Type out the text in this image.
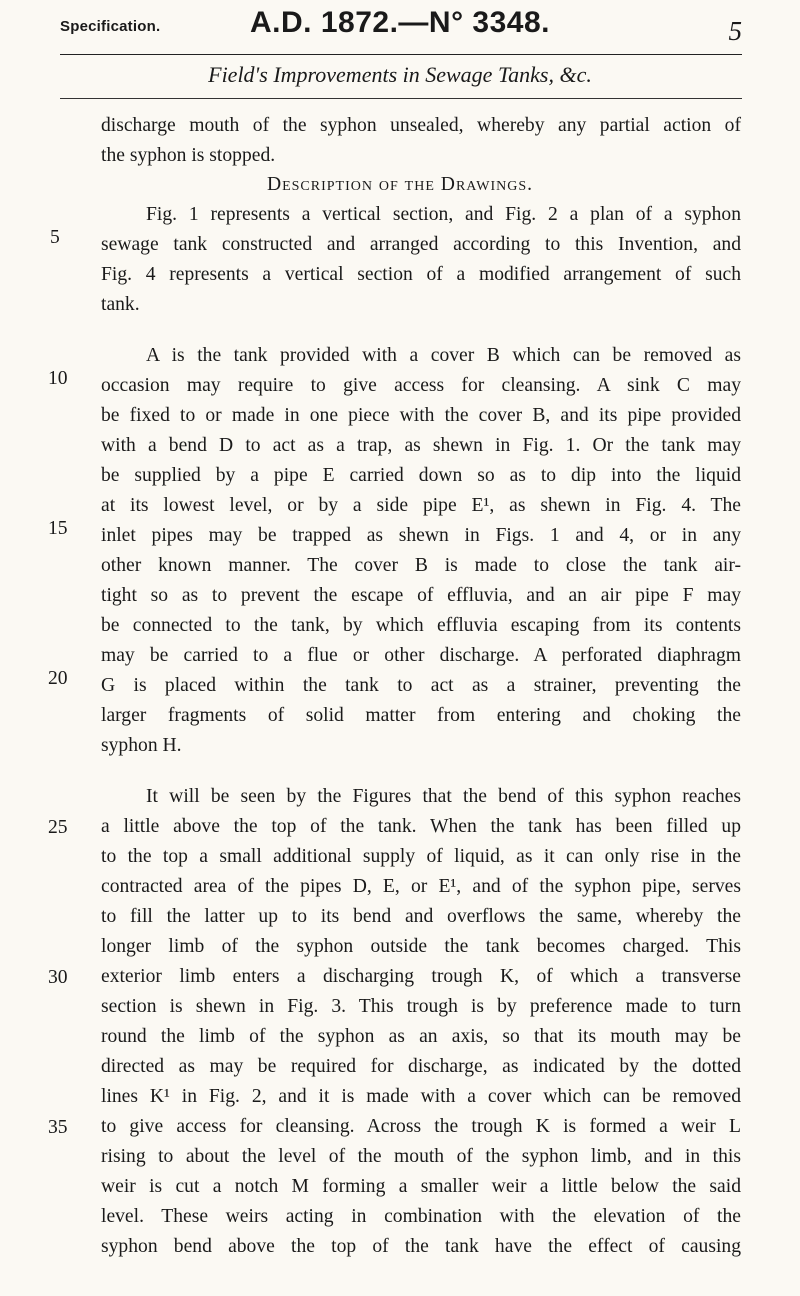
Specification.	A.D. 1872.—N° 3348.	5
Field's Improvements in Sewage Tanks, &c.
Description of the Drawings.
5
10
15
20
25
30
35
discharge mouth of the syphon unsealed, whereby any partial action of
the syphon is stopped.
Fig. 1 represents a vertical section, and Fig. 2 a plan of a syphon
sewage tank constructed and arranged according to this Invention, and
Fig. 4 represents a vertical section of a modified arrangement of such
tank.
A is the tank provided with a cover B which can be removed as
occasion may require to give access for cleansing. A sink C may
be fixed to or made in one piece with the cover B, and its pipe provided
with a bend D to act as a trap, as shewn in Fig. 1. Or the tank may
be supplied by a pipe E carried down so as to dip into the liquid
at its lowest level, or by a side pipe E¹, as shewn in Fig. 4. The
inlet pipes may be trapped as shewn in Figs. 1 and 4, or in any
other known manner. The cover B is made to close the tank air-
tight so as to prevent the escape of effluvia, and an air pipe F may
be connected to the tank, by which effluvia escaping from its contents
may be carried to a flue or other discharge. A perforated diaphragm
G is placed within the tank to act as a strainer, preventing the
larger fragments of solid matter from entering and choking the
syphon H.
It will be seen by the Figures that the bend of this syphon reaches
a little above the top of the tank. When the tank has been filled up
to the top a small additional supply of liquid, as it can only rise in the
contracted area of the pipes D, E, or E¹, and of the syphon pipe, serves
to fill the latter up to its bend and overflows the same, whereby the
longer limb of the syphon outside the tank becomes charged. This
exterior limb enters a discharging trough K, of which a transverse
section is shewn in Fig. 3. This trough is by preference made to turn
round the limb of the syphon as an axis, so that its mouth may be
directed as may be required for discharge, as indicated by the dotted
lines K¹ in Fig. 2, and it is made with a cover which can be removed
to give access for cleansing. Across the trough K is formed a weir L
rising to about the level of the mouth of the syphon limb, and in this
weir is cut a notch M forming a smaller weir a little below the said
level. These weirs acting in combination with the elevation of the
syphon bend above the top of the tank have the effect of causing
